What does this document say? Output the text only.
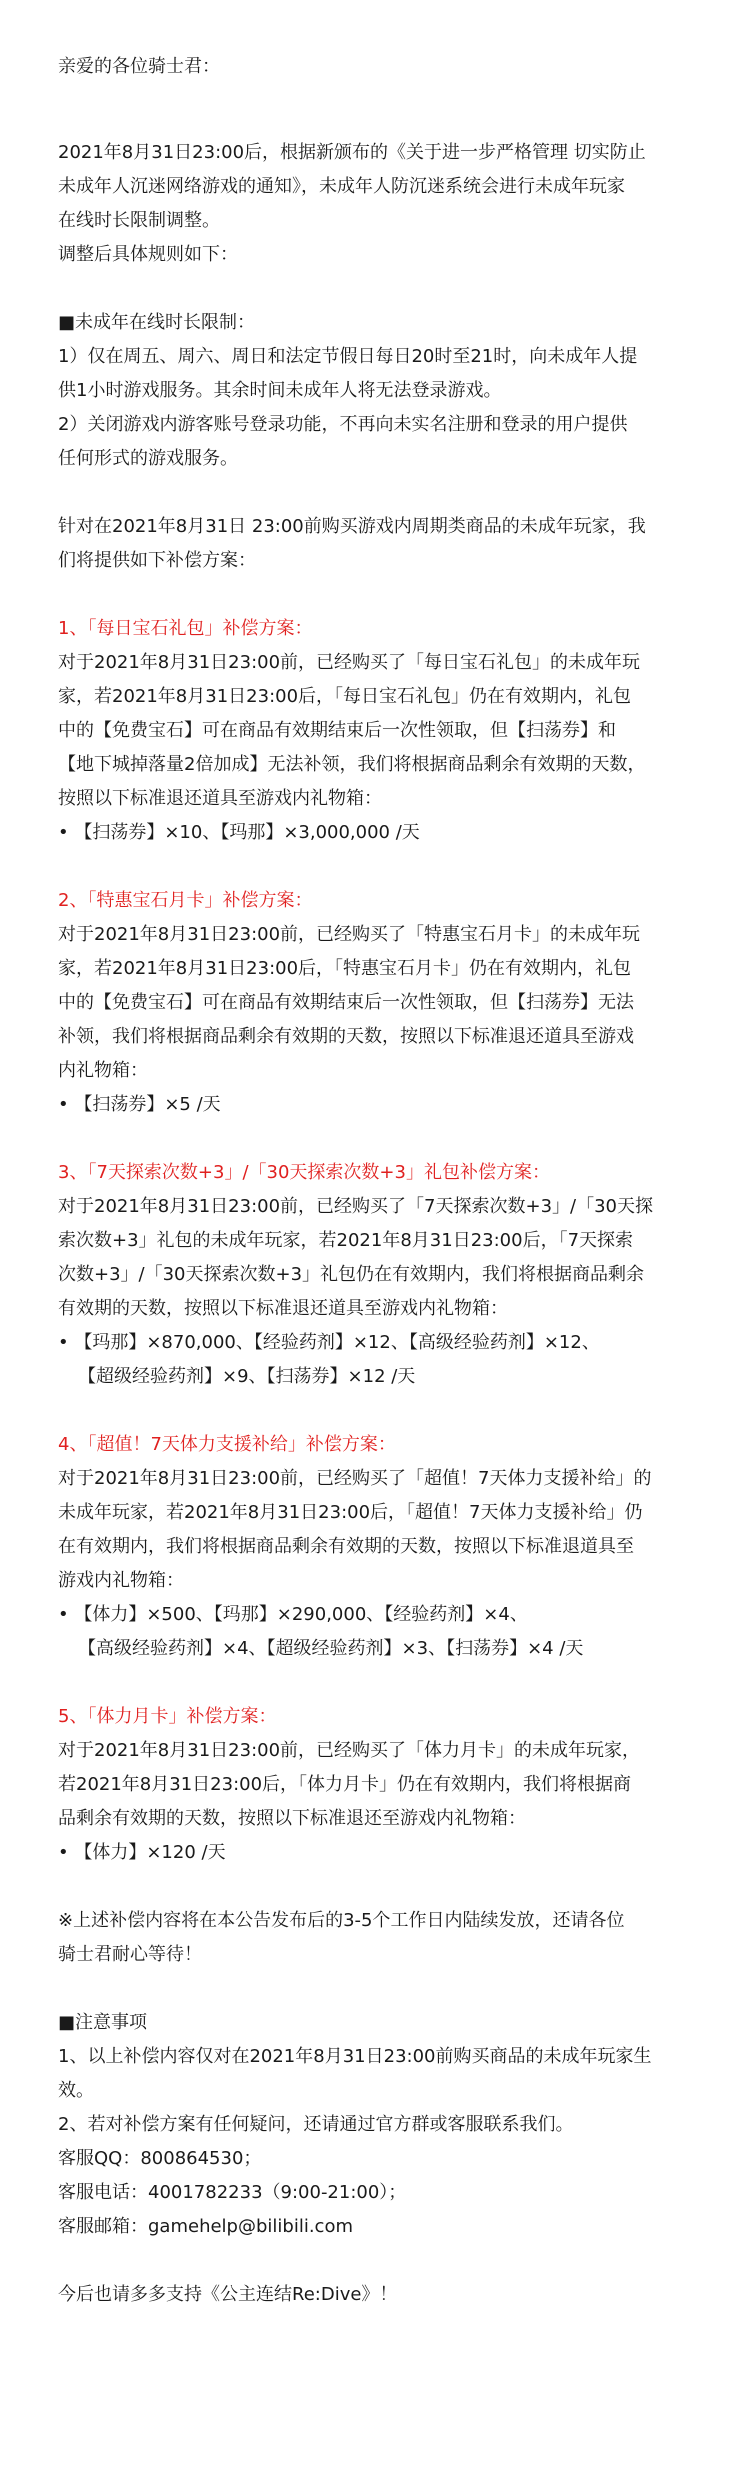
亲爱的各位骑士君：

2021年8月31日23:00后，根据新颁布的《关于进一步严格管理 切实防止

未成年人沉迷网络游戏的通知》，未成年人防沉迷系统会进行未成年玩家

在线时长限制调整。

调整后具体规则如下：

■未成年在线时长限制：

1）仅在周五、周六、周日和法定节假日每日20时至21时，向未成年人提

供1小时游戏服务。其余时间未成年人将无法登录游戏。

2）关闭游戏内游客账号登录功能，不再向未实名注册和登录的用户提供

任何形式的游戏服务。

针对在2021年8月31日 23:00前购买游戏内周期类商品的未成年玩家，我

们将提供如下补偿方案：

1、「每日宝石礼包」补偿方案：

对于2021年8月31日23:00前，已经购买了「每日宝石礼包」的未成年玩

家，若2021年8月31日23:00后，「每日宝石礼包」仍在有效期内，礼包

中的【免费宝石】可在商品有效期结束后一次性领取，但【扫荡券】和

【地下城掉落量2倍加成】无法补领，我们将根据商品剩余有效期的天数，

按照以下标准退还道具至游戏内礼物箱：

• 【扫荡券】×10、【玛那】×3,000,000 /天

2、「特惠宝石月卡」补偿方案：

对于2021年8月31日23:00前，已经购买了「特惠宝石月卡」的未成年玩

家，若2021年8月31日23:00后，「特惠宝石月卡」仍在有效期内，礼包

中的【免费宝石】可在商品有效期结束后一次性领取，但【扫荡券】无法

补领，我们将根据商品剩余有效期的天数，按照以下标准退还道具至游戏

内礼物箱：

• 【扫荡券】×5 /天

3、「7天探索次数+3」/「30天探索次数+3」礼包补偿方案：

对于2021年8月31日23:00前，已经购买了「7天探索次数+3」/「30天探

索次数+3」礼包的未成年玩家，若2021年8月31日23:00后，「7天探索

次数+3」/「30天探索次数+3」礼包仍在有效期内，我们将根据商品剩余

有效期的天数，按照以下标准退还道具至游戏内礼物箱：

• 【玛那】×870,000、【经验药剂】×12、【高级经验药剂】×12、

【超级经验药剂】×9、【扫荡券】×12 /天

4、「超值！7天体力支援补给」补偿方案：

对于2021年8月31日23:00前，已经购买了「超值！7天体力支援补给」的

未成年玩家，若2021年8月31日23:00后，「超值！7天体力支援补给」仍

在有效期内，我们将根据商品剩余有效期的天数，按照以下标准退道具至

游戏内礼物箱：

• 【体力】×500、【玛那】×290,000、【经验药剂】×4、

【高级经验药剂】×4、【超级经验药剂】×3、【扫荡券】×4 /天

5、「体力月卡」补偿方案：

对于2021年8月31日23:00前，已经购买了「体力月卡」的未成年玩家，

若2021年8月31日23:00后，「体力月卡」仍在有效期内，我们将根据商

品剩余有效期的天数，按照以下标准退还至游戏内礼物箱：

• 【体力】×120 /天

※上述补偿内容将在本公告发布后的3-5个工作日内陆续发放，还请各位

骑士君耐心等待！

■注意事项

1、以上补偿内容仅对在2021年8月31日23:00前购买商品的未成年玩家生

效。

2、若对补偿方案有任何疑问，还请通过官方群或客服联系我们。

客服QQ：800864530；

客服电话：4001782233（9:00-21:00）；

客服邮箱：gamehelp@bilibili.com

今后也请多多支持《公主连结Re:Dive》！
